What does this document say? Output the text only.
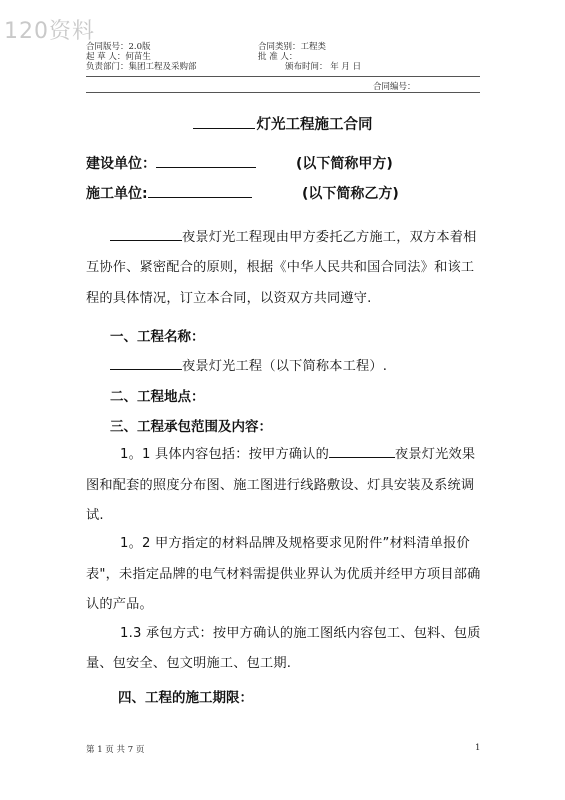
120资料
合同版号：2.0版	合同类别：工程类
起 草 人：何苗生	批 准 人：
负责部门：集团工程及采购部	颁布时间： 年 月 日
合同编号：
灯光工程施工合同
建设单位：	(以下简称甲方)
施工单位:	(以下简称乙方)
夜景灯光工程现由甲方委托乙方施工，双方本着相
互协作、紧密配合的原则，根据《中华人民共和国合同法》和该工
程的具体情况，订立本合同，以资双方共同遵守.
一、工程名称：
夜景灯光工程（以下简称本工程）.
二、工程地点：
三、工程承包范围及内容：
1。1 具体内容包括：按甲方确认的	夜景灯光效果
图和配套的照度分布图、施工图进行线路敷设、灯具安装及系统调
试.
1。2 甲方指定的材料品牌及规格要求见附件”材料清单报价
表"，未指定品牌的电气材料需提供业界认为优质并经甲方项目部确
认的产品。
1.3 承包方式：按甲方确认的施工图纸内容包工、包料、包质
量、包安全、包文明施工、包工期.
四、工程的施工期限：
第 1 页 共 7 页	1
